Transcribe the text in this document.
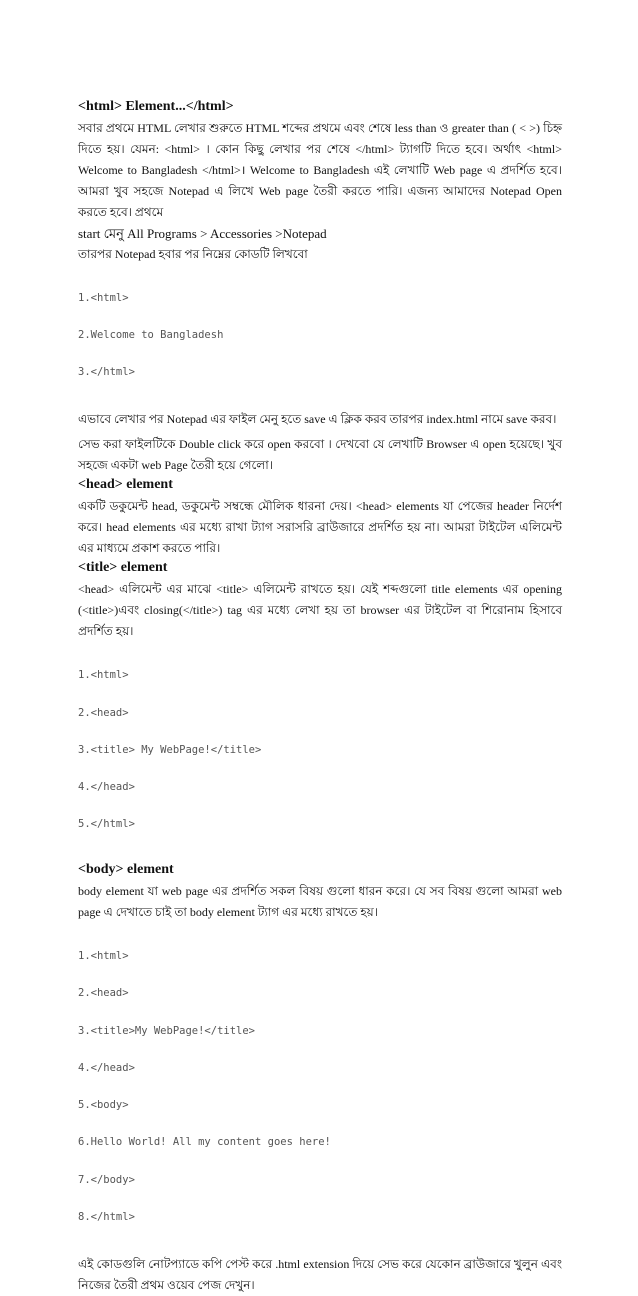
<html> Element...</html>

সবার প্রথমে HTML লেখার শুরুতে HTML শব্দের প্রথমে এবং শেষে less than ও greater than ( < >) চিহ্ন দিতে হয়। যেমন: <html> । কোন কিছু লেখার পর শেষে </html> ট্যাগটি দিতে হবে। অর্থাৎ <html> Welcome to Bangladesh </html>। Welcome to Bangladesh এই লেখাটি Web page এ প্রদর্শিত হবে।আমরা খুব সহজে Notepad এ লিখে Web page তৈরী করতে পারি। এজন্য আমাদের Notepad Open করতে হবে। প্রথমে

start মেনু All Programs > Accessories >Notepad

তারপর Notepad হবার পর নিম্নের কোডটি লিখবো

1.<html>

2.Welcome to Bangladesh

3.</html>

এভাবে লেখার পর Notepad এর ফাইল মেনু হতে save এ ক্লিক করব তারপর index.html নামে save করব।

সেভ করা ফাইলটিকে Double click করে open করবো । দেখবো যে লেখাটি Browser এ open হয়েছে। খুব সহজে একটা web Page তৈরী হয়ে গেলো।

<head> element

একটি ডকুমেন্ট head, ডকুমেন্ট সম্বন্ধে মৌলিক ধারনা দেয়। <head> elements যা পেজের header নির্দেশ করে। head elements এর মধ্যে রাখা ট্যাগ সরাসরি ব্রাউজারে প্রদর্শিত হয় না। আমরা টাইটেল এলিমেন্ট এর মাধ্যমে প্রকাশ করতে পারি।

<title> element

<head> এলিমেন্ট এর মাঝে <title> এলিমেন্ট রাখতে হয়। যেই শব্দগুলো title elements এর opening (<title>)এবং closing(</title>) tag এর মধ্যে লেখা হয় তা browser এর টাইটেল বা শিরোনাম হিসাবে প্রদর্শিত হয়।

1.<html>

2.<head>

3.<title> My WebPage!</title>

4.</head>

5.</html>

<body> element

body element যা web page এর প্রদর্শিত সকল বিষয় গুলো ধারন করে। যে সব বিষয় গুলো আমরা web page এ দেখাতে চাই তা body element ট্যাগ এর মধ্যে রাখতে হয়।

1.<html>

2.<head>

3.<title>My WebPage!</title>

4.</head>

5.<body>

6.Hello World! All my content goes here!

7.</body>

8.</html>

এই কোডগুলি নোটপ্যাডে কপি পেস্ট করে .html extension দিয়ে সেভ করে যেকোন ব্রাউজারে খুলুন এবং নিজের তৈরী প্রথম ওয়েব পেজ দেখুন।
